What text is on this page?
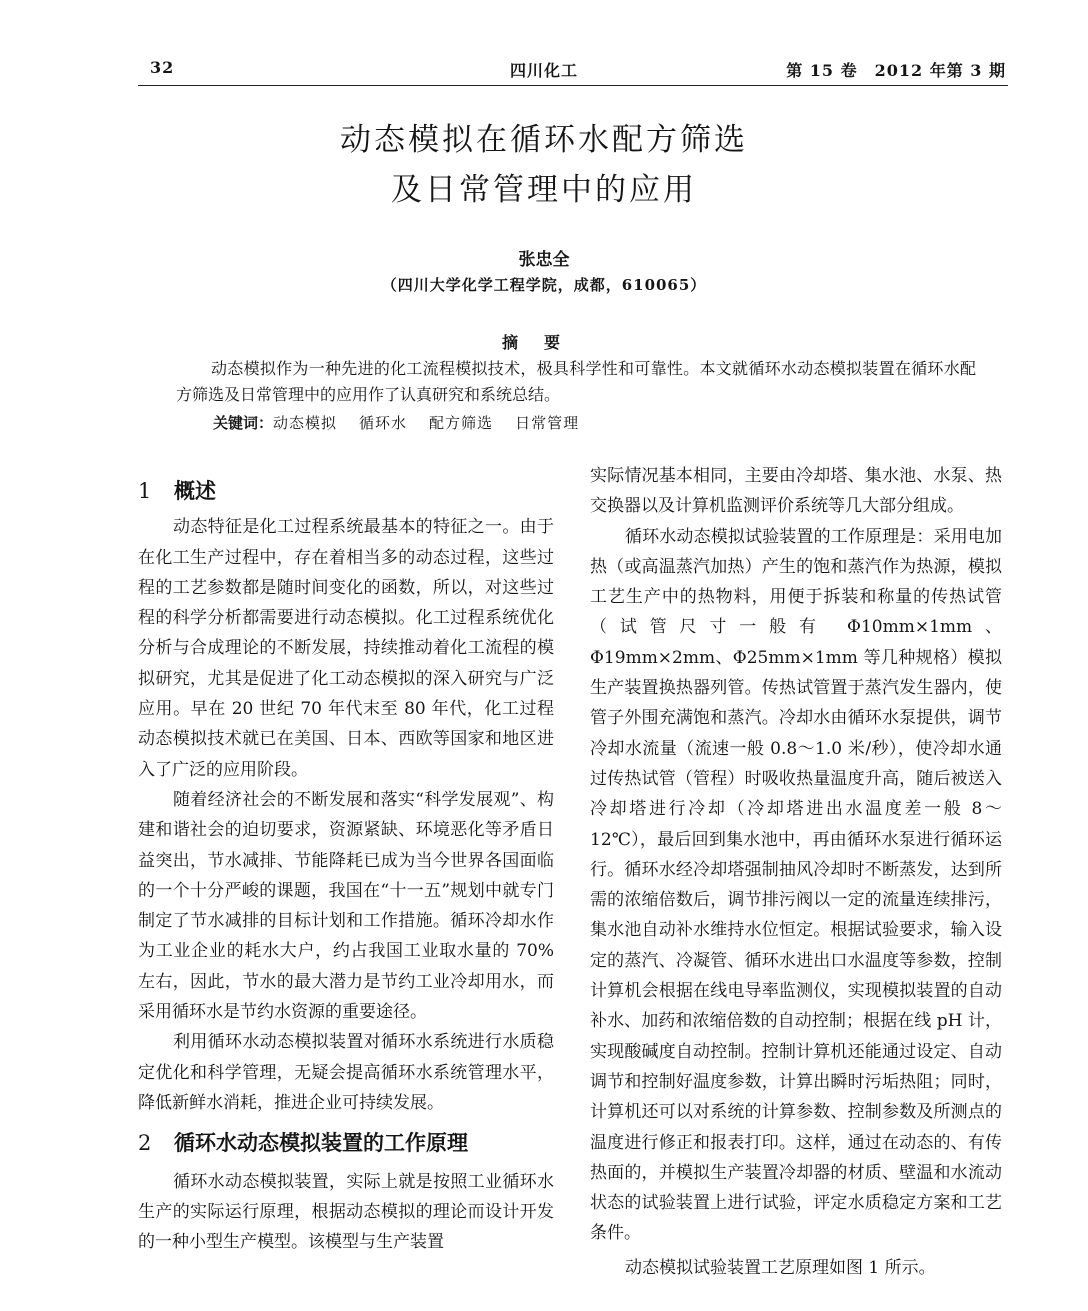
32	四川化工	第 15 卷　2012 年第 3 期
动态模拟在循环水配方筛选
及日常管理中的应用
张忠全
（四川大学化学工程学院，成都，610065）
摘要
动态模拟作为一种先进的化工流程模拟技术，极具科学性和可靠性。本文就循环水动态模拟装置在循环水配方筛选及日常管理中的应用作了认真研究和系统总结。
关键词：动态模拟 循环水 配方筛选 日常管理
1 概述

动态特征是化工过程系统最基本的特征之一。由于在化工生产过程中，存在着相当多的动态过程，这些过程的工艺参数都是随时间变化的函数，所以，对这些过程的科学分析都需要进行动态模拟。化工过程系统优化分析与合成理论的不断发展，持续推动着化工流程的模拟研究，尤其是促进了化工动态模拟的深入研究与广泛应用。早在 20 世纪 70 年代末至 80 年代，化工过程动态模拟技术就已在美国、日本、西欧等国家和地区进入了广泛的应用阶段。

随着经济社会的不断发展和落实“科学发展观”、构建和谐社会的迫切要求，资源紧缺、环境恶化等矛盾日益突出，节水减排、节能降耗已成为当今世界各国面临的一个十分严峻的课题，我国在“十一五”规划中就专门制定了节水减排的目标计划和工作措施。循环冷却水作为工业企业的耗水大户，约占我国工业取水量的 70% 左右，因此，节水的最大潜力是节约工业冷却用水，而采用循环水是节约水资源的重要途径。

利用循环水动态模拟装置对循环水系统进行水质稳定优化和科学管理，无疑会提高循环水系统管理水平，降低新鲜水消耗，推进企业可持续发展。

2 循环水动态模拟装置的工作原理

循环水动态模拟装置，实际上就是按照工业循环水生产的实际运行原理，根据动态模拟的理论而设计开发的一种小型生产模型。该模型与生产装置

实际情况基本相同，主要由冷却塔、集水池、水泵、热交换器以及计算机监测评价系统等几大部分组成。

循环水动态模拟试验装置的工作原理是：采用电加热（或高温蒸汽加热）产生的饱和蒸汽作为热源，模拟工艺生产中的热物料，用便于拆装和称量的传热试管（试管尺寸一般有 Φ10mm×1mm、Φ19mm×2mm、Φ25mm×1mm 等几种规格）模拟生产装置换热器列管。传热试管置于蒸汽发生器内，使管子外围充满饱和蒸汽。冷却水由循环水泵提供，调节冷却水流量（流速一般 0.8～1.0 米/秒），使冷却水通过传热试管（管程）时吸收热量温度升高，随后被送入冷却塔进行冷却（冷却塔进出水温度差一般 8～12℃），最后回到集水池中，再由循环水泵进行循环运行。循环水经冷却塔强制抽风冷却时不断蒸发，达到所需的浓缩倍数后，调节排污阀以一定的流量连续排污，集水池自动补水维持水位恒定。根据试验要求，输入设定的蒸汽、冷凝管、循环水进出口水温度等参数，控制计算机会根据在线电导率监测仪，实现模拟装置的自动补水、加药和浓缩倍数的自动控制；根据在线 pH 计，实现酸碱度自动控制。控制计算机还能通过设定、自动调节和控制好温度参数，计算出瞬时污垢热阻；同时，计算机还可以对系统的计算参数、控制参数及所测点的温度进行修正和报表打印。这样，通过在动态的、有传热面的，并模拟生产装置冷却器的材质、壁温和水流动状态的试验装置上进行试验，评定水质稳定方案和工艺条件。

动态模拟试验装置工艺原理如图 1 所示。
